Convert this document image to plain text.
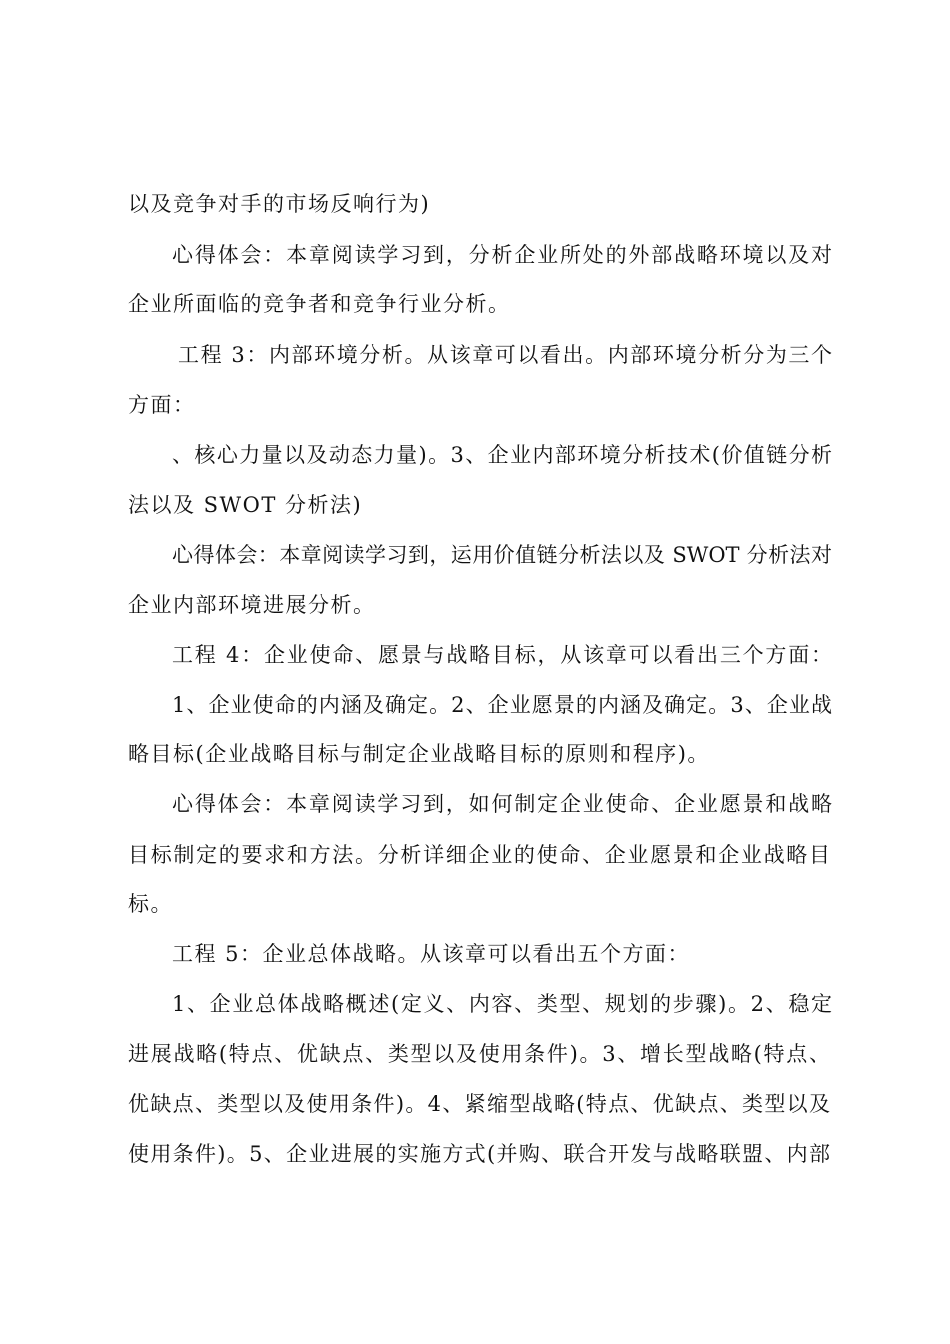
以及竞争对手的市场反响行为)
心得体会：本章阅读学习到，分析企业所处的外部战略环境以及对
企业所面临的竞争者和竞争行业分析。
工程 3：内部环境分析。从该章可以看出。内部环境分析分为三个
方面：
、核心力量以及动态力量)。3、企业内部环境分析技术(价值链分析
法以及 SWOT 分析法)
心得体会：本章阅读学习到，运用价值链分析法以及 SWOT 分析法对
企业内部环境进展分析。
工程 4：企业使命、愿景与战略目标，从该章可以看出三个方面：
1、企业使命的内涵及确定。2、企业愿景的内涵及确定。3、企业战
略目标(企业战略目标与制定企业战略目标的原则和程序)。
心得体会：本章阅读学习到，如何制定企业使命、企业愿景和战略
目标制定的要求和方法。分析详细企业的使命、企业愿景和企业战略目
标。
工程 5：企业总体战略。从该章可以看出五个方面：
1、企业总体战略概述(定义、内容、类型、规划的步骤)。2、稳定
进展战略(特点、优缺点、类型以及使用条件)。3、增长型战略(特点、
优缺点、类型以及使用条件)。4、紧缩型战略(特点、优缺点、类型以及
使用条件)。5、企业进展的实施方式(并购、联合开发与战略联盟、内部
